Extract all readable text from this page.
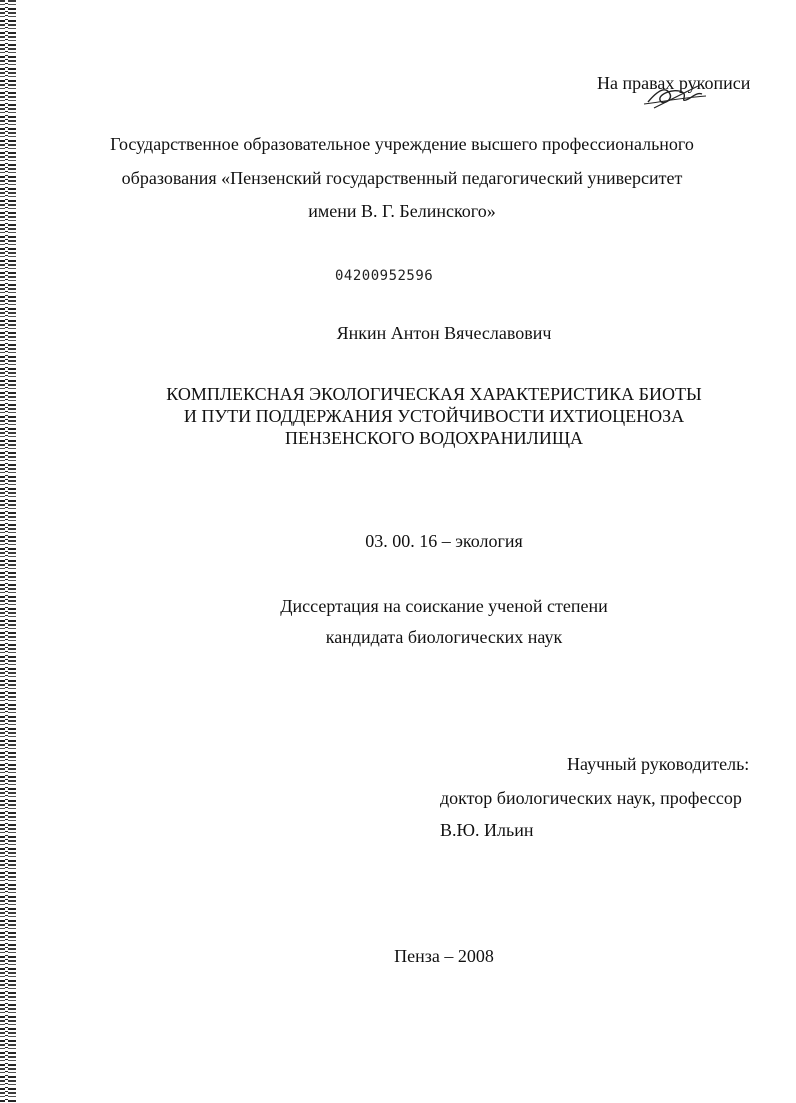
На правах рукописи
Государственное образовательное учреждение высшего профессионального
образования «Пензенский государственный педагогический университет
имени В. Г. Белинского»
04200952596
Янкин Антон Вячеславович
КОМПЛЕКСНАЯ ЭКОЛОГИЧЕСКАЯ ХАРАКТЕРИСТИКА БИОТЫ
И ПУТИ ПОДДЕРЖАНИЯ УСТОЙЧИВОСТИ ИХТИОЦЕНОЗА
ПЕНЗЕНСКОГО ВОДОХРАНИЛИЩА
03. 00. 16 – экология
Диссертация на соискание ученой степени
кандидата биологических наук
Научный руководитель:
доктор биологических наук, профессор
В.Ю. Ильин
Пенза – 2008
